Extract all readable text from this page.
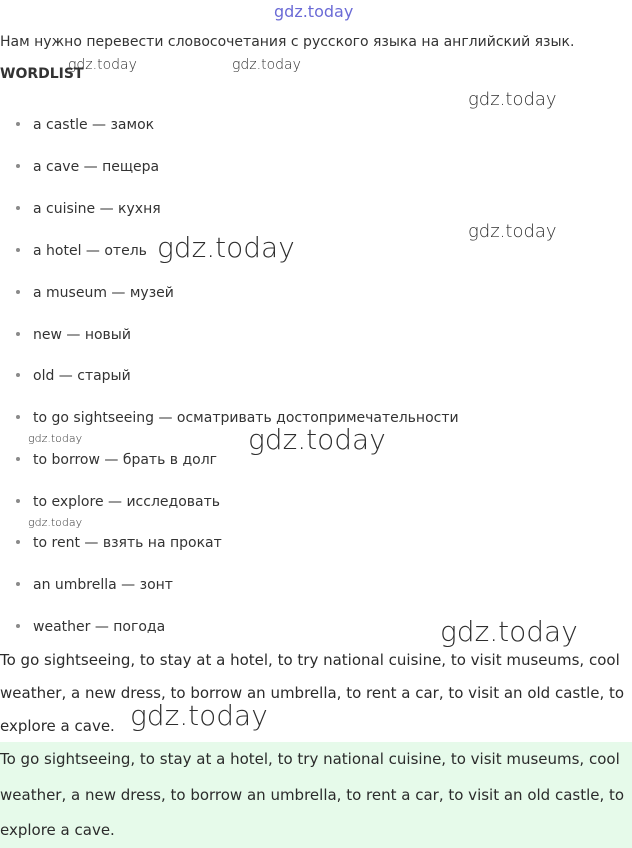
gdz.today
Нам нужно перевести словосочетания с русского языка на английский язык.
WORDLIST
gdz.today	gdz.today
gdz.today
gdz.today
gdz.today
gdz.today	gdz.today
gdz.today
gdz.today
gdz.today
a castle — замок
a cave — пещера
a cuisine — кухня
a hotel — отель
a museum — музей
new — новый
old — старый
to go sightseeing — осматривать достопримечательности
to borrow — брать в долг
to explore — исследовать
to rent — взять на прокат
an umbrella — зонт
weather — погода
To go sightseeing, to stay at a hotel, to try national cuisine, to visit museums, cool weather, a new dress, to borrow an umbrella, to rent a car, to visit an old castle, to explore a cave.
To go sightseeing, to stay at a hotel, to try national cuisine, to visit museums, cool weather, a new dress, to borrow an umbrella, to rent a car, to visit an old castle, to explore a cave.
